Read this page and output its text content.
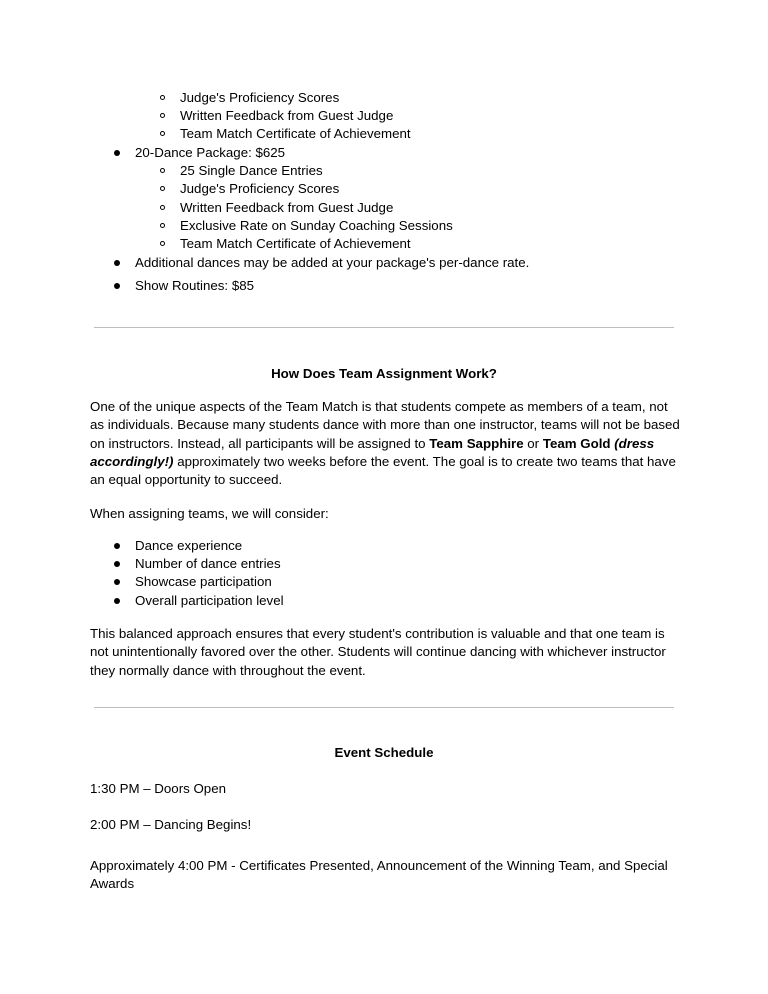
Judge's Proficiency Scores
Written Feedback from Guest Judge
Team Match Certificate of Achievement
20-Dance Package: $625
25 Single Dance Entries
Judge's Proficiency Scores
Written Feedback from Guest Judge
Exclusive Rate on Sunday Coaching Sessions
Team Match Certificate of Achievement
Additional dances may be added at your package's per-dance rate.
Show Routines: $85
How Does Team Assignment Work?
One of the unique aspects of the Team Match is that students compete as members of a team, not as individuals. Because many students dance with more than one instructor, teams will not be based on instructors. Instead, all participants will be assigned to Team Sapphire or Team Gold (dress accordingly!) approximately two weeks before the event. The goal is to create two teams that have an equal opportunity to succeed.
When assigning teams, we will consider:
Dance experience
Number of dance entries
Showcase participation
Overall participation level
This balanced approach ensures that every student's contribution is valuable and that one team is not unintentionally favored over the other. Students will continue dancing with whichever instructor they normally dance with throughout the event.
Event Schedule
1:30 PM – Doors Open
2:00 PM – Dancing Begins!
Approximately 4:00 PM - Certificates Presented, Announcement of the Winning Team, and Special Awards
